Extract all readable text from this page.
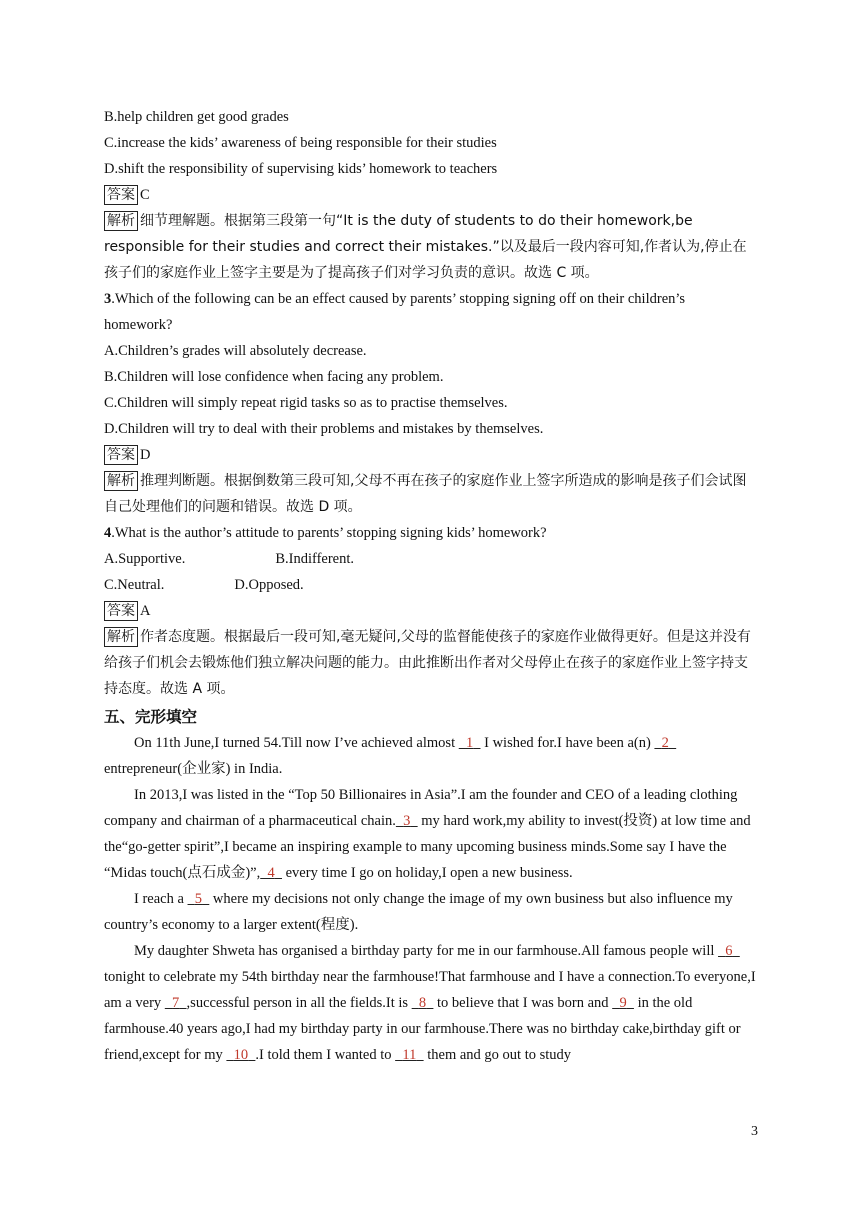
B.help children get good grades
C.increase the kids’ awareness of being responsible for their studies
D.shift the responsibility of supervising kids’ homework to teachers
答案 C
解析 细节理解题。根据第三段第一句“It is the duty of students to do their homework,be responsible for their studies and correct their mistakes.”以及最后一段内容可知,作者认为,停止在孩子们的家庭作业上签字主要是为了提高孩子们对学习负责的意识。故选 C 项。
3.Which of the following can be an effect caused by parents’ stopping signing off on their children’s homework?
A.Children’s grades will absolutely decrease.
B.Children will lose confidence when facing any problem.
C.Children will simply repeat rigid tasks so as to practise themselves.
D.Children will try to deal with their problems and mistakes by themselves.
答案 D
解析 推理判断题。根据倒数第三段可知,父母不再在孩子的家庭作业上签字所造成的影响是孩子们会试图自己处理他们的问题和错误。故选 D 项。
4.What is the author’s attitude to parents’ stopping signing kids’ homework?
A.Supportive.	B.Indifferent.
C.Neutral.	D.Opposed.
答案 A
解析 作者态度题。根据最后一段可知,毫无疑问,父母的监督能使孩子的家庭作业做得更好。但是这并没有给孩子们机会去锻炼他们独立解决问题的能力。由此推断出作者对父母停止在孩子的家庭作业上签字持支持态度。故选 A 项。
五、完形填空
On 11th June,I turned 54.Till now I’ve achieved almost   1   I wished for.I have been a(n)   2   entrepreneur(企业家) in India.
In 2013,I was listed in the “Top 50 Billionaires in Asia”.I am the founder and CEO of a leading clothing company and chairman of a pharmaceutical chain. 3   my hard work,my ability to invest(投资) at low time and the“go-getter spirit”,I became an inspiring example to many upcoming business minds.Some say I have the “Midas touch(点石成金)”, 4   every time I go on holiday,I open a new business.
I reach a   5   where my decisions not only change the image of my own business but also influence my country’s economy to a larger extent(程度).
My daughter Shweta has organised a birthday party for me in our farmhouse.All famous people will   6   tonight to celebrate my 54th birthday near the farmhouse!That farmhouse and I have a connection.To everyone,I am a very   7 ,successful person in all the fields.It is   8   to believe that I was born and   9   in the old farmhouse.40 years ago,I had my birthday party in our farmhouse.There was no birthday cake,birthday gift or friend,except for my   10 .I told them I wanted to   11   them and go out to study
3
